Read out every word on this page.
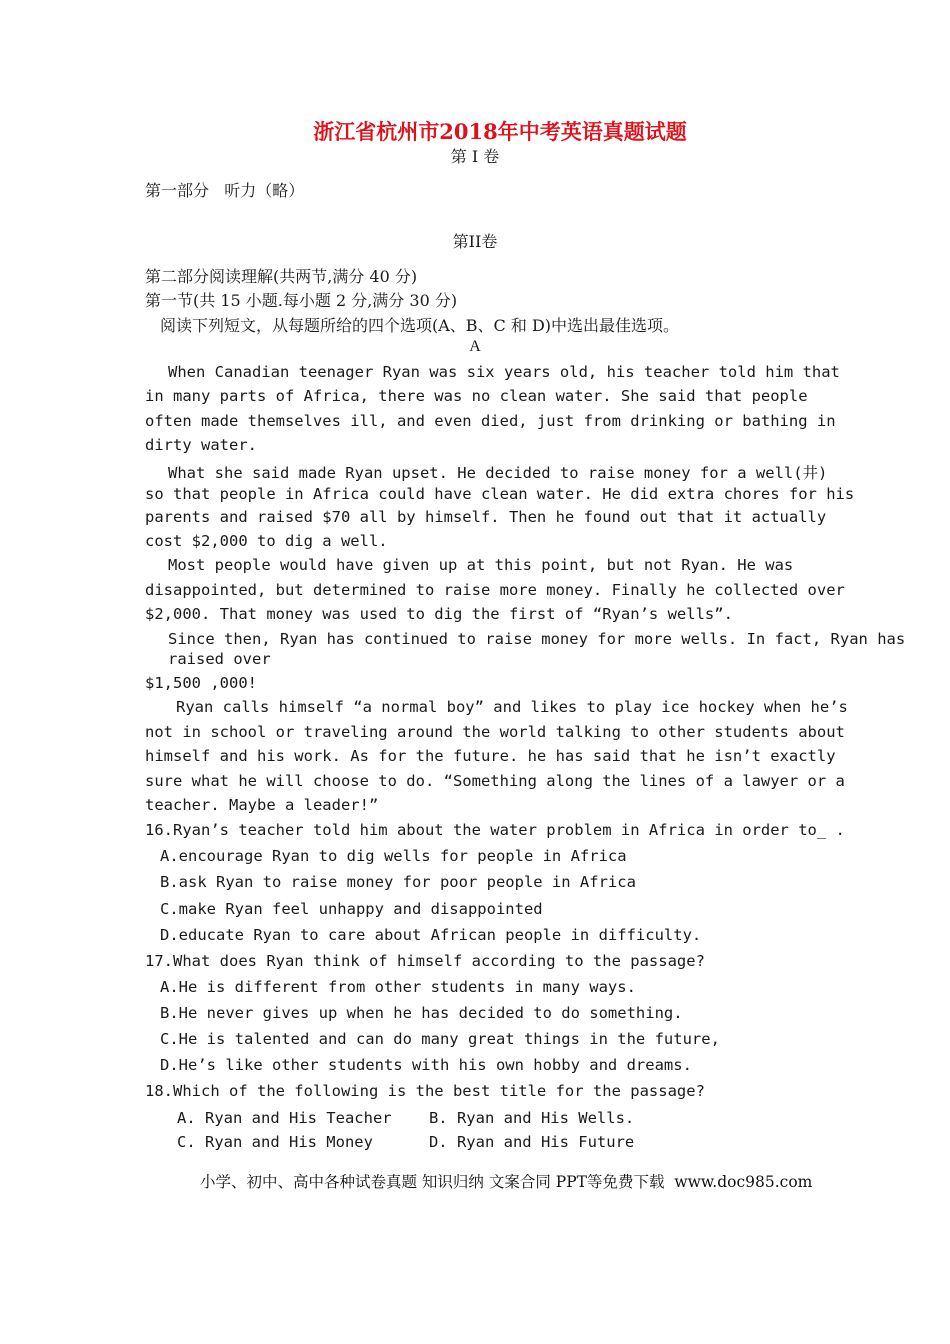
浙江省杭州市2018年中考英语真题试题
第 I 卷
第一部分   听力（略）
第II卷
第二部分阅读理解(共两节,满分 40 分)
第一节(共 15 小题.每小题 2 分,满分 30 分)
阅读下列短文，从每题所给的四个选项(A、B、C 和 D)中选出最佳选项。
A
When Canadian teenager Ryan was six years old, his teacher told him that
in many parts of Africa, there was no clean water. She said that people
often made themselves ill, and even died, just from drinking or bathing in
dirty water.
What she said made Ryan upset. He decided to raise money for a well(井)
so that people in Africa could have clean water. He did extra chores for his
parents and raised $70 all by himself. Then he found out that it actually
cost $2,000 to dig a well.
Most people would have given up at this point, but not Ryan. He was
disappointed, but determined to raise more money. Finally he collected over
$2,000. That money was used to dig the first of “Ryan’s wells”.
Since then, Ryan has continued to raise money for more wells. In fact, Ryan has
raised over
$1,500 ,000!
Ryan calls himself “a normal boy” and likes to play ice hockey when he’s
not in school or traveling around the world talking to other students about
himself and his work. As for the future. he has said that he isn’t exactly
sure what he will choose to do. “Something along the lines of a lawyer or a
teacher. Maybe a leader!”
16.Ryan’s teacher told him about the water problem in Africa in order to_ .
A.encourage Ryan to dig wells for people in Africa
B.ask Ryan to raise money for poor people in Africa
C.make Ryan feel unhappy and disappointed
D.educate Ryan to care about African people in difficulty.
17.What does Ryan think of himself according to the passage?
A.He is different from other students in many ways.
B.He never gives up when he has decided to do something.
C.He is talented and can do many great things in the future,
D.He’s like other students with his own hobby and dreams.
18.Which of the following is the best title for the passage?
A. Ryan and His Teacher    B. Ryan and His Wells.
C. Ryan and His Money      D. Ryan and His Future
小学、初中、高中各种试卷真题 知识归纳 文案合同 PPT等免费下载  www.doc985.com
